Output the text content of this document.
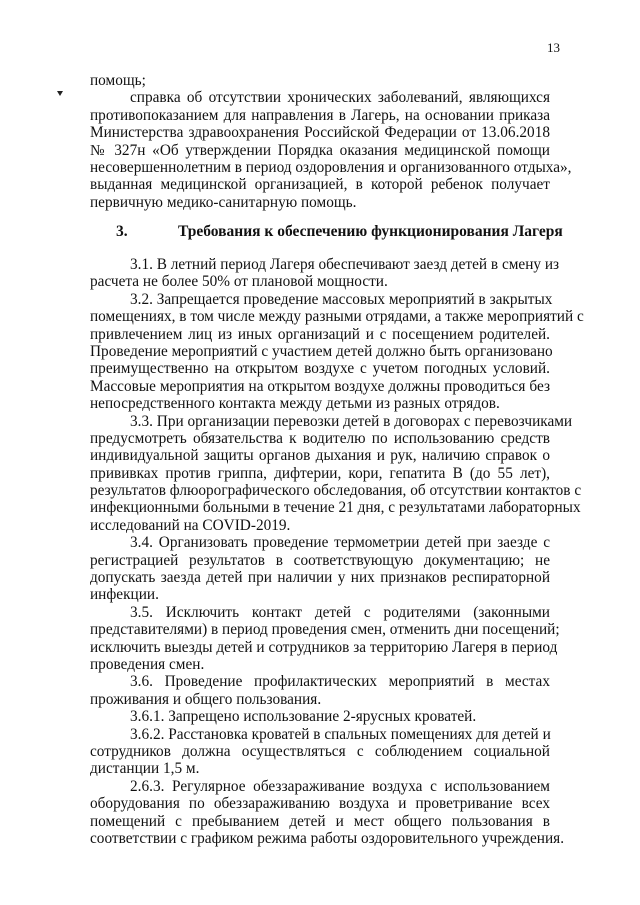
13
помощь;
справка об отсутствии хронических заболеваний, являющихся
противопоказанием для направления в Лагерь, на основании приказа
Министерства здравоохранения Российской Федерации от 13.06.2018
№ 327н «Об утверждении Порядка оказания медицинской помощи
несовершеннолетним в период оздоровления и организованного отдыха»,
выданная медицинской организацией, в которой ребенок получает
первичную медико-санитарную помощь.
3.	Требования к обеспечению функционирования Лагеря
3.1. В летний период Лагеря обеспечивают заезд детей в смену из
расчета не более 50% от плановой мощности.
3.2. Запрещается проведение массовых мероприятий в закрытых
помещениях, в том числе между разными отрядами, а также мероприятий с
привлечением лиц из иных организаций и с посещением родителей.
Проведение мероприятий с участием детей должно быть организовано
преимущественно на открытом воздухе с учетом погодных условий.
Массовые мероприятия на открытом воздухе должны проводиться без
непосредственного контакта между детьми из разных отрядов.
3.3. При организации перевозки детей в договорах с перевозчиками
предусмотреть обязательства к водителю по использованию средств
индивидуальной защиты органов дыхания и рук, наличию справок о
прививках против гриппа, дифтерии, кори, гепатита В (до 55 лет),
результатов флюорографического обследования, об отсутствии контактов с
инфекционными больными в течение 21 дня, с результатами лабораторных
исследований на COVID-2019.
3.4. Организовать проведение термометрии детей при заезде с
регистрацией результатов в соответствующую документацию; не
допускать заезда детей при наличии у них признаков респираторной
инфекции.
3.5. Исключить контакт детей с родителями (законными
представителями) в период проведения смен, отменить дни посещений;
исключить выезды детей и сотрудников за территорию Лагеря в период
проведения смен.
3.6. Проведение профилактических мероприятий в местах
проживания и общего пользования.
3.6.1. Запрещено использование 2-ярусных кроватей.
3.6.2. Расстановка кроватей в спальных помещениях для детей и
сотрудников должна осуществляться с соблюдением социальной
дистанции 1,5 м.
2.6.3. Регулярное обеззараживание воздуха с использованием
оборудования по обеззараживанию воздуха и проветривание всех
помещений с пребыванием детей и мест общего пользования в
соответствии с графиком режима работы оздоровительного учреждения.
